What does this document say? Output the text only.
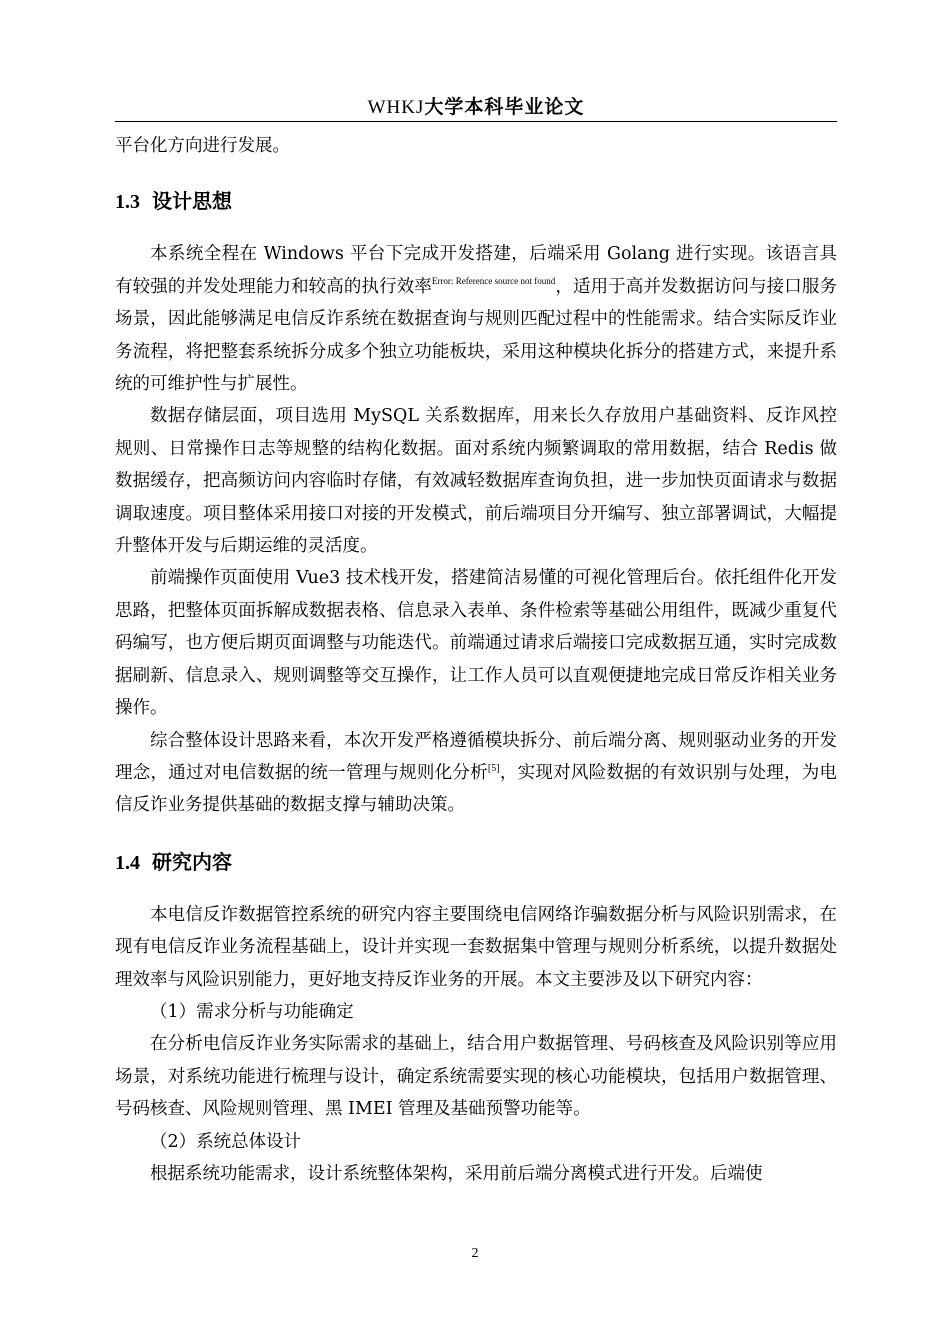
WHKJ大学本科毕业论文

平台化方向进行发展。

1.3 设计思想

本系统全程在 Windows 平台下完成开发搭建，后端采用 Golang 进行实现。该语言具有较强的并发处理能力和较高的执行效率$^{Error: Reference source not found}$，适用于高并发数据访问与接口服务场景，因此能够满足电信反诈系统在数据查询与规则匹配过程中的性能需求。结合实际反诈业务流程，将把整套系统拆分成多个独立功能板块，采用这种模块化拆分的搭建方式，来提升系统的可维护性与扩展性。

数据存储层面，项目选用 MySQL 关系数据库，用来长久存放用户基础资料、反诈风控规则、日常操作日志等规整的结构化数据。面对系统内频繁调取的常用数据，结合 Redis 做数据缓存，把高频访问内容临时存储，有效减轻数据库查询负担，进一步加快页面请求与数据调取速度。项目整体采用接口对接的开发模式，前后端项目分开编写、独立部署调试，大幅提升整体开发与后期运维的灵活度。

前端操作页面使用 Vue3 技术栈开发，搭建简洁易懂的可视化管理后台。依托组件化开发思路，把整体页面拆解成数据表格、信息录入表单、条件检索等基础公用组件，既减少重复代码编写，也方便后期页面调整与功能迭代。前端通过请求后端接口完成数据互通，实时完成数据刷新、信息录入、规则调整等交互操作，让工作人员可以直观便捷地完成日常反诈相关业务操作。

综合整体设计思路来看，本次开发严格遵循模块拆分、前后端分离、规则驱动业务的开发理念，通过对电信数据的统一管理与规则化分析[5]，实现对风险数据的有效识别与处理，为电信反诈业务提供基础的数据支撑与辅助决策。

1.4 研究内容

本电信反诈数据管控系统的研究内容主要围绕电信网络诈骗数据分析与风险识别需求，在现有电信反诈业务流程基础上，设计并实现一套数据集中管理与规则分析系统，以提升数据处理效率与风险识别能力，更好地支持反诈业务的开展。本文主要涉及以下研究内容：

（1）需求分析与功能确定

在分析电信反诈业务实际需求的基础上，结合用户数据管理、号码核查及风险识别等应用场景，对系统功能进行梳理与设计，确定系统需要实现的核心功能模块，包括用户数据管理、号码核查、风险规则管理、黑 IMEI 管理及基础预警功能等。

（2）系统总体设计

根据系统功能需求，设计系统整体架构，采用前后端分离模式进行开发。后端使

2
